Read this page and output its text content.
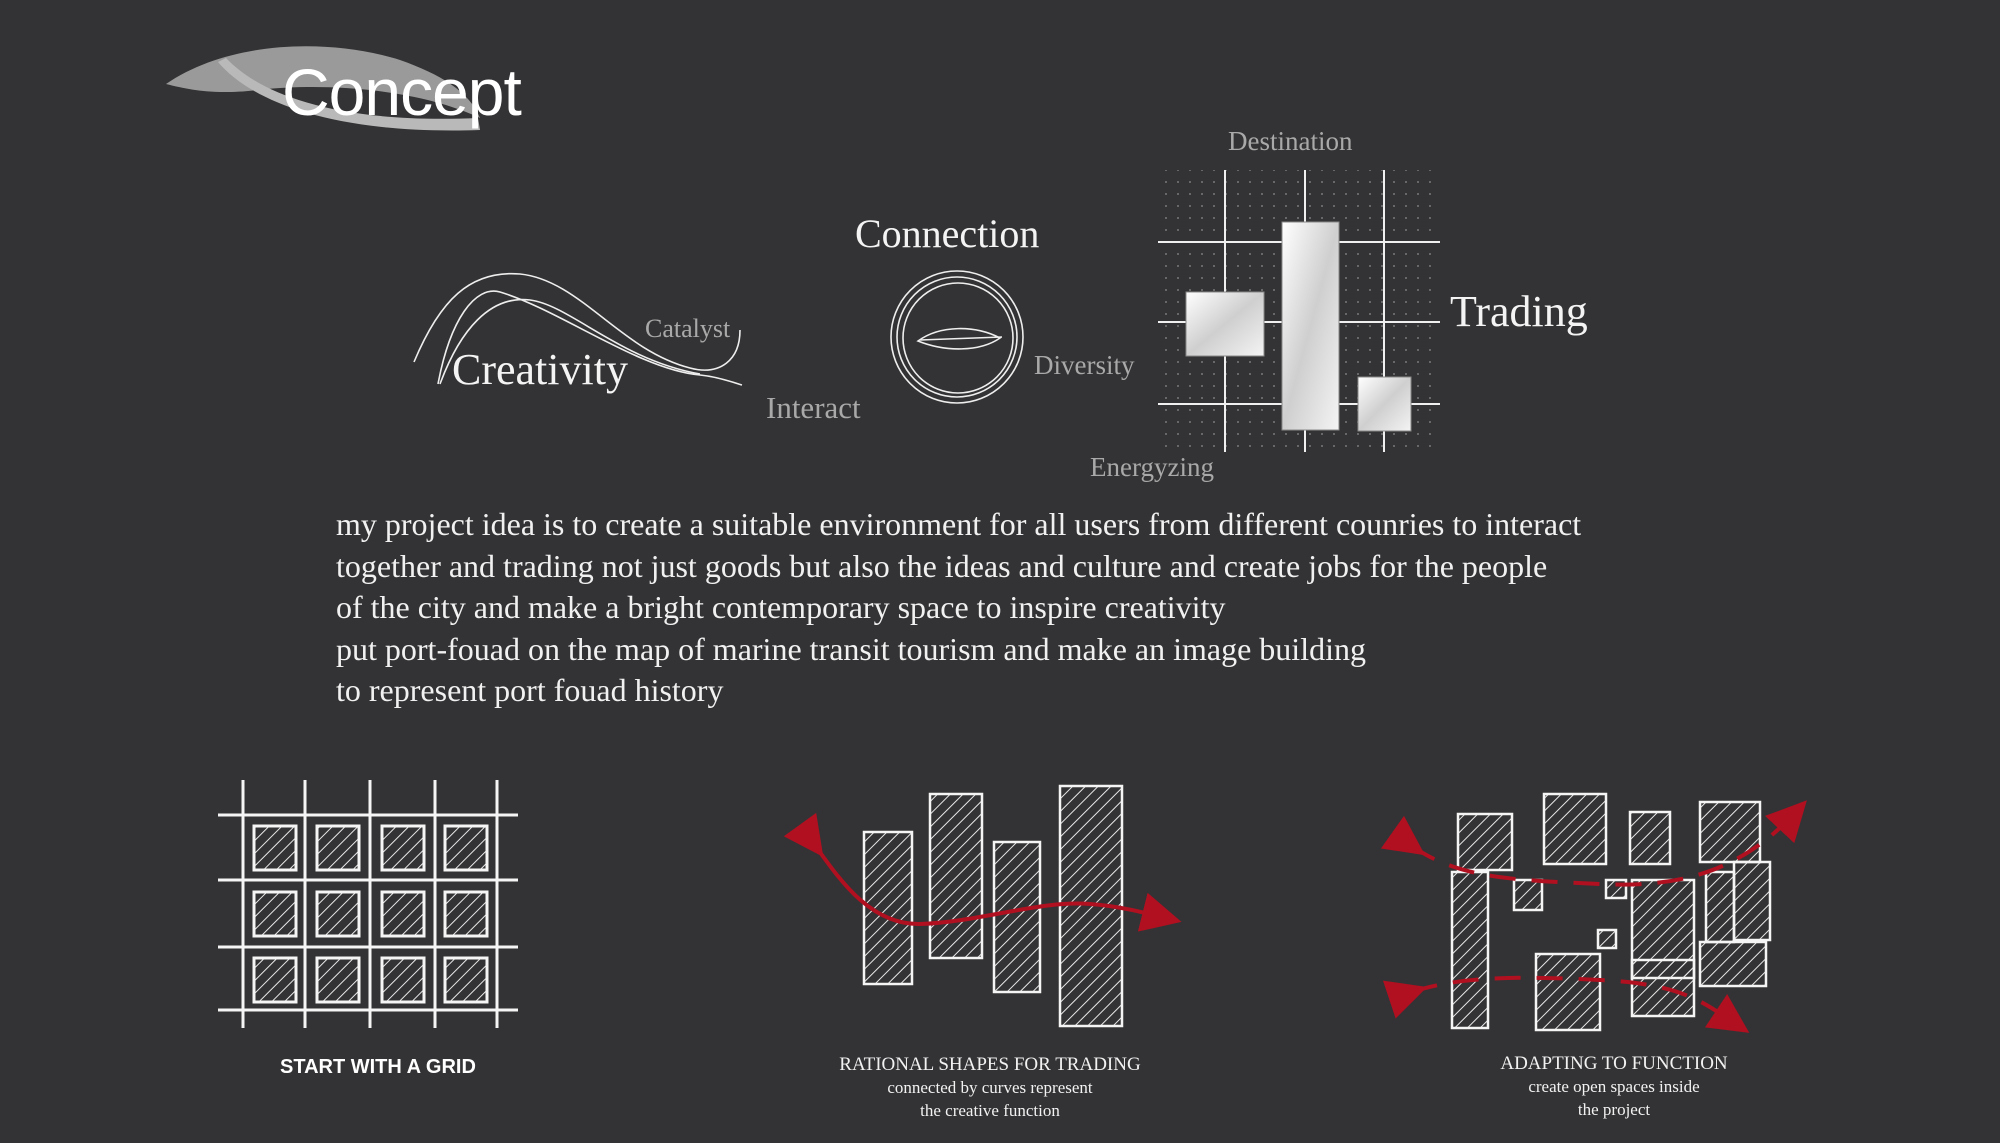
Concept
Creativity
Catalyst
Interact
Connection
Diversity
Destination
Trading
Energyzing
my project idea is to create a suitable environment for all users from different counries to interact
together and trading not just goods but also the ideas and culture and create jobs for the people
of the city and make a bright contemporary space to inspire creativity
put port-fouad on the map of marine transit tourism and make an image building
to represent port fouad history
START WITH A GRID	RATIONAL SHAPES FOR TRADING
connected by curves represent
the creative function
ADAPTING TO FUNCTION
create open spaces inside
the project
